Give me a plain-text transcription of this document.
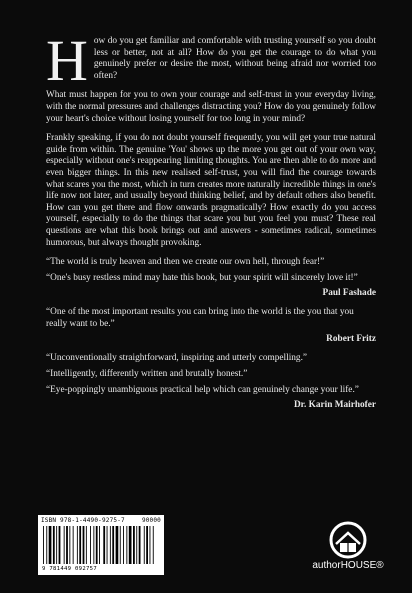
H ow do you get familiar and comfortable with trusting yourself so you doubt less or better, not at all? How do you get the courage to do what you genuinely prefer or desire the most, without being afraid nor worried too often?

What must happen for you to own your courage and self-trust in your everyday living, with the normal pressures and challenges distracting you? How do you genuinely follow your heart's choice without losing yourself for too long in your mind?

Frankly speaking, if you do not doubt yourself frequently, you will get your true natural guide from within. The genuine 'You' shows up the more you get out of your own way, especially without one's reappearing limiting thoughts. You are then able to do more and even bigger things. In this new realised self-trust, you will find the courage towards what scares you the most, which in turn creates more naturally incredible things in one's life now not later, and usually beyond thinking belief, and by default others also benefit. How can you get there and flow onwards pragmatically? How exactly do you access yourself, especially to do the things that scare you but you feel you must? These real questions are what this book brings out and answers - sometimes radical, sometimes humorous, but always thought provoking.

“The world is truly heaven and then we create our own hell, through fear!”

“One's busy restless mind may hate this book, but your spirit will sincerely love it!”

Paul Fashade

“One of the most important results you can bring into the world is the you that you really want to be.”

Robert Fritz

“Unconventionally straightforward, inspiring and utterly compelling.”

“Intelligently, differently written and brutally honest.”

“Eye-poppingly unambiguous practical help which can genuinely change your life.”

Dr. Karin Mairhofer

ISBN 978-1-4490-9275-7	90000
9 781449 092757	authorHOUSE®
